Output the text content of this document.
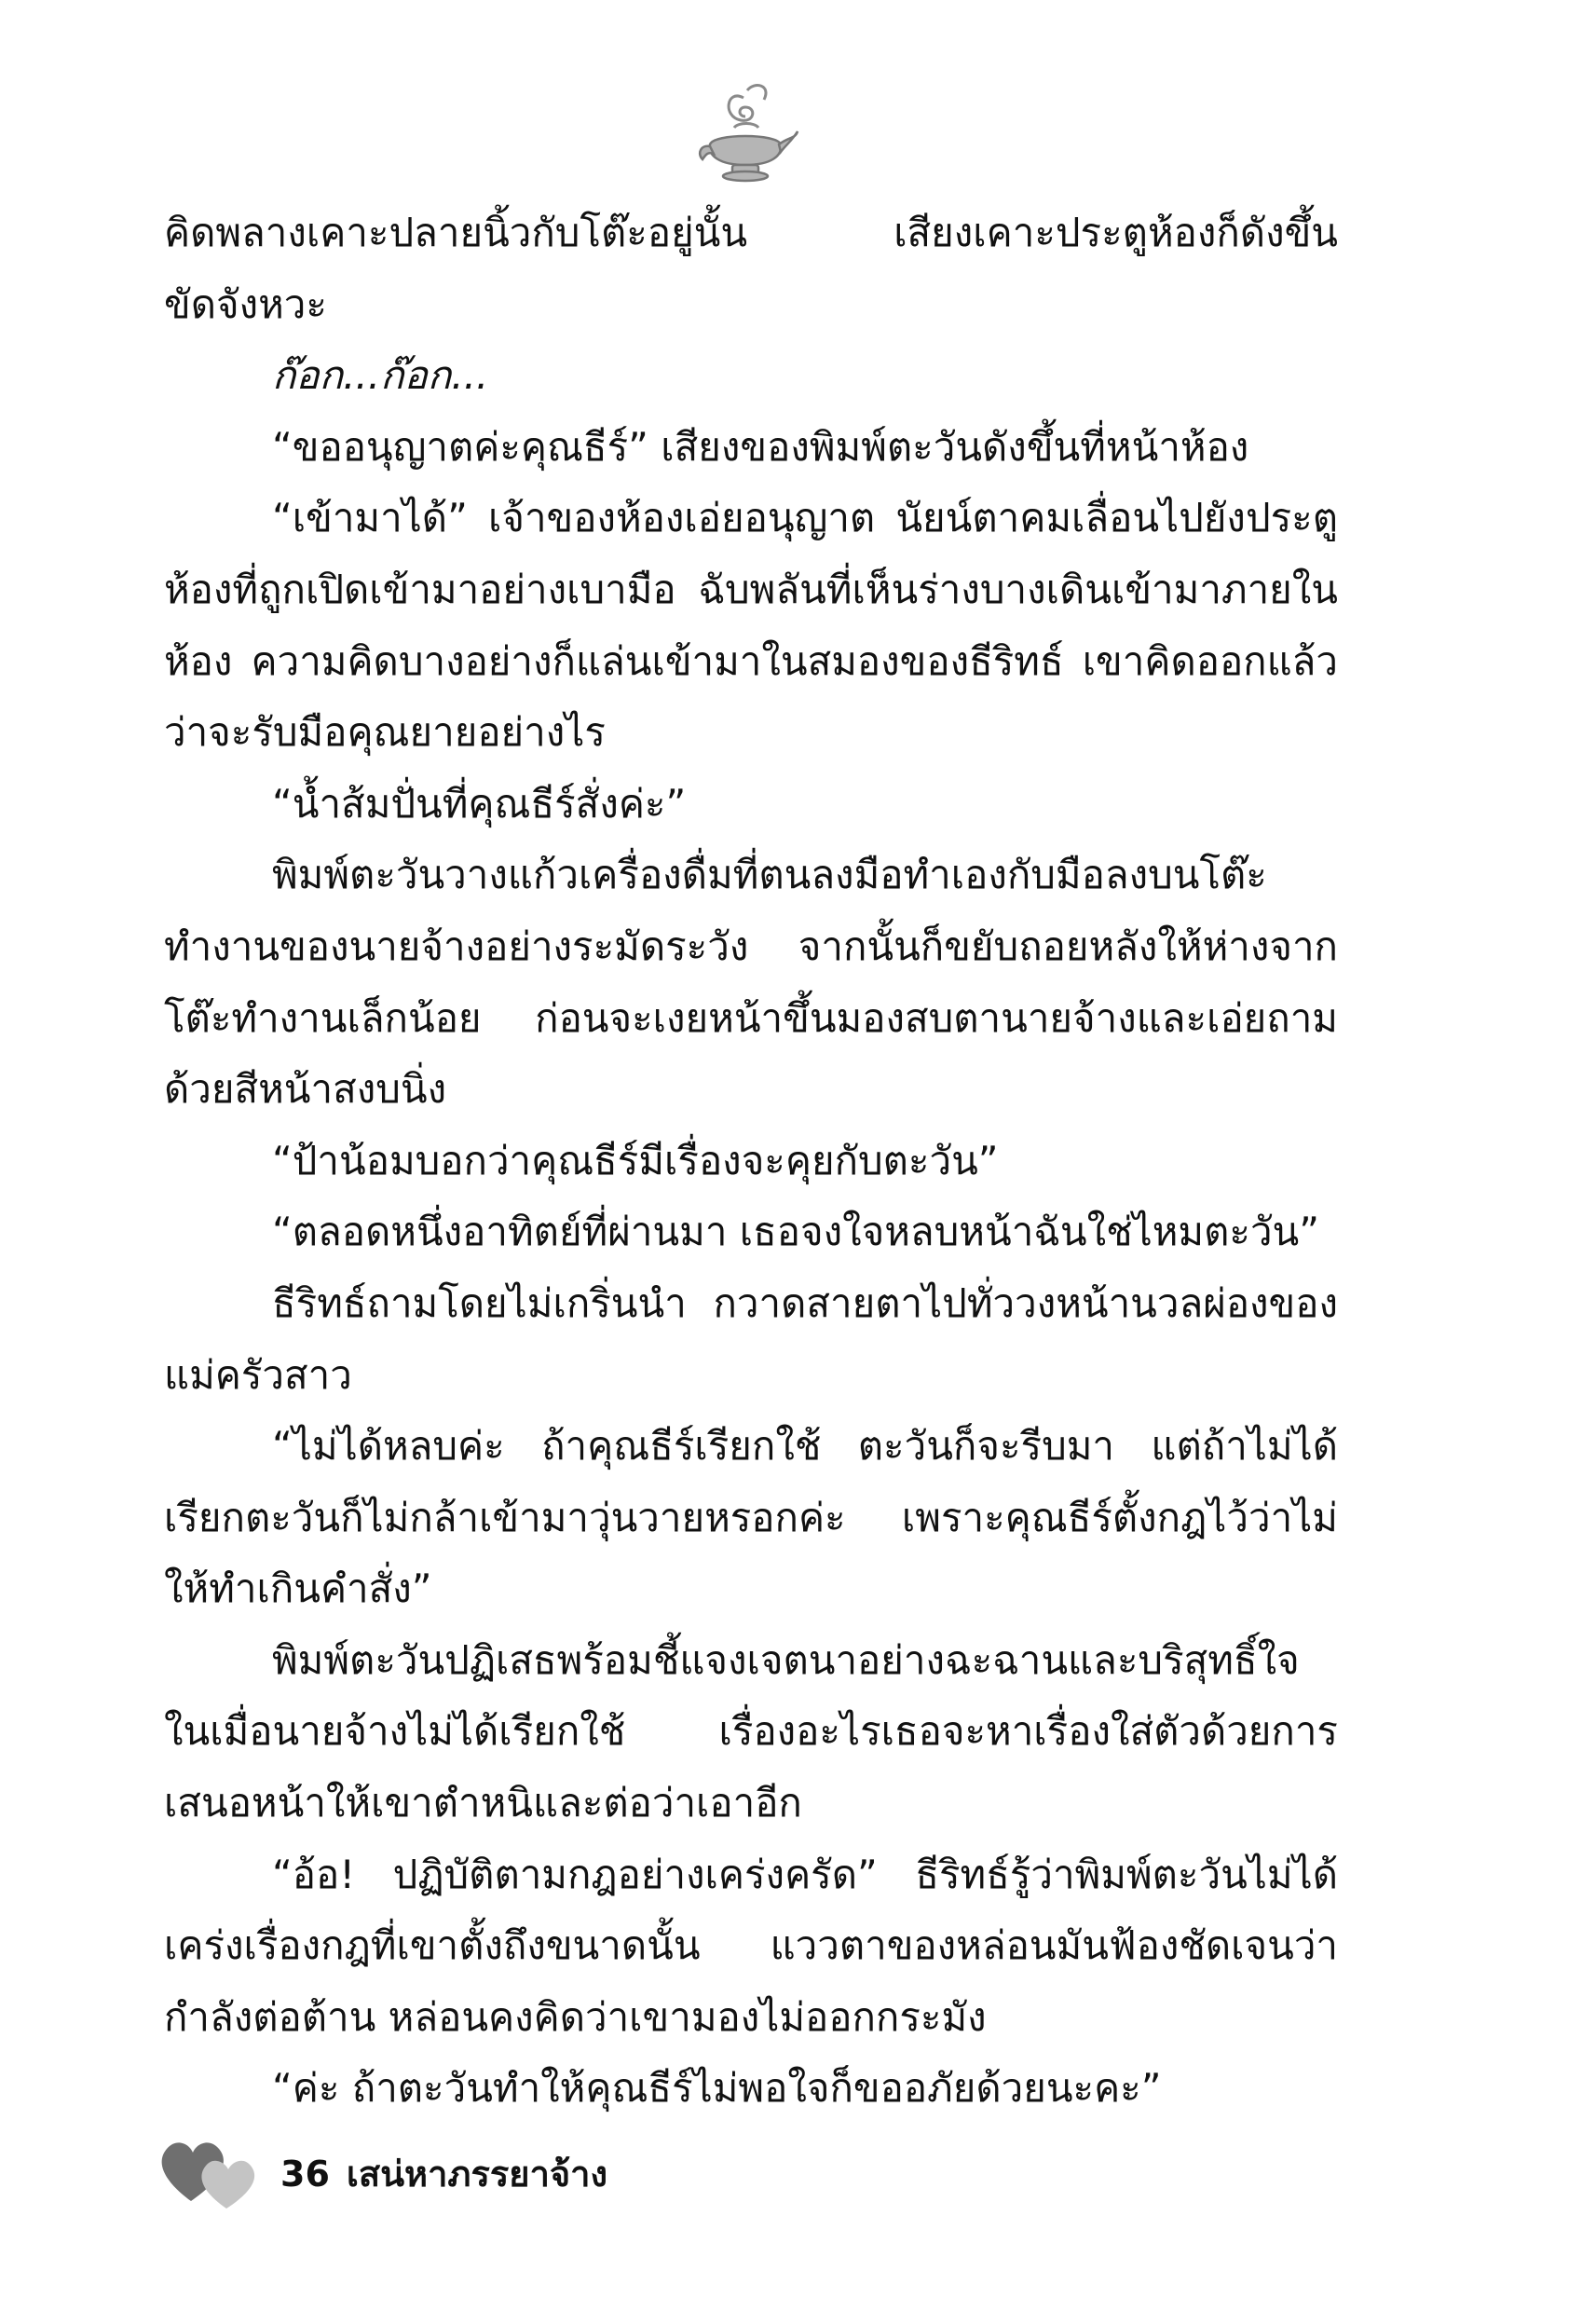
คิดพลางเคาะปลายนิ้วกับโต๊ะอยู่นั้น เสียงเคาะประตูห้องก็ดังขึ้นขัดจังหวะ

ก๊อก...ก๊อก...

“ขออนุญาตค่ะคุณธีร์” เสียงของพิมพ์ตะวันดังขึ้นที่หน้าห้อง

“เข้ามาได้” เจ้าของห้องเอ่ยอนุญาต นัยน์ตาคมเลื่อนไปยังประตูห้องที่ถูกเปิดเข้ามาอย่างเบามือ ฉับพลันที่เห็นร่างบางเดินเข้ามาภายในห้อง ความคิดบางอย่างก็แล่นเข้ามาในสมองของธีริทธ์ เขาคิดออกแล้วว่าจะรับมือคุณยายอย่างไร

“น้ำส้มปั่นที่คุณธีร์สั่งค่ะ”

พิมพ์ตะวันวางแก้วเครื่องดื่มที่ตนลงมือทำเองกับมือลงบนโต๊ะทำงานของนายจ้างอย่างระมัดระวัง จากนั้นก็ขยับถอยหลังให้ห่างจากโต๊ะทำงานเล็กน้อย ก่อนจะเงยหน้าขึ้นมองสบตานายจ้างและเอ่ยถามด้วยสีหน้าสงบนิ่ง

“ป้าน้อมบอกว่าคุณธีร์มีเรื่องจะคุยกับตะวัน”

“ตลอดหนึ่งอาทิตย์ที่ผ่านมา เธอจงใจหลบหน้าฉันใช่ไหมตะวัน”

ธีริทธ์ถามโดยไม่เกริ่นนำ กวาดสายตาไปทั่ววงหน้านวลผ่องของแม่ครัวสาว

“ไม่ได้หลบค่ะ ถ้าคุณธีร์เรียกใช้ ตะวันก็จะรีบมา แต่ถ้าไม่ได้เรียกตะวันก็ไม่กล้าเข้ามาวุ่นวายหรอกค่ะ เพราะคุณธีร์ตั้งกฎไว้ว่าไม่ให้ทำเกินคำสั่ง”

พิมพ์ตะวันปฏิเสธพร้อมชี้แจงเจตนาอย่างฉะฉานและบริสุทธิ์ใจในเมื่อนายจ้างไม่ได้เรียกใช้ เรื่องอะไรเธอจะหาเรื่องใส่ตัวด้วยการเสนอหน้าให้เขาตำหนิและต่อว่าเอาอีก

“อ้อ! ปฏิบัติตามกฎอย่างเคร่งครัด” ธีริทธ์รู้ว่าพิมพ์ตะวันไม่ได้เคร่งเรื่องกฎที่เขาตั้งถึงขนาดนั้น แววตาของหล่อนมันฟ้องชัดเจนว่ากำลังต่อต้าน หล่อนคงคิดว่าเขามองไม่ออกกระมัง

“ค่ะ ถ้าตะวันทำให้คุณธีร์ไม่พอใจก็ขออภัยด้วยนะคะ”

36 เสน่หาภรรยาจ้าง
